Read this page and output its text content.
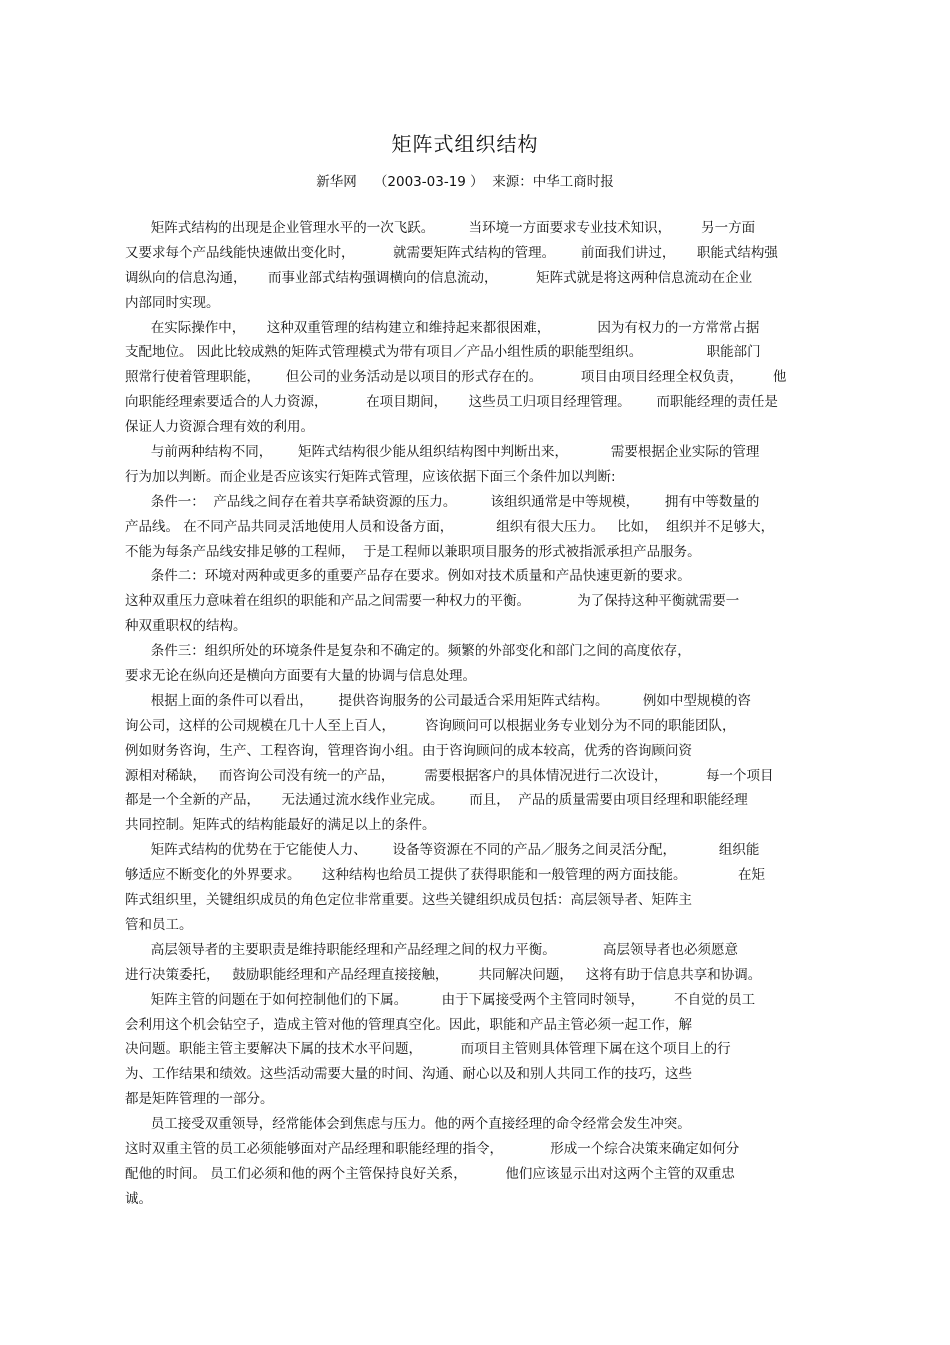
矩阵式组织结构
新华网    （2003-03-19 ）  来源：中华工商时报
矩阵式结构的出现是企业管理水平的一次飞跃。        当环境一方面要求专业技术知识，       另一方面
又要求每个产品线能快速做出变化时，         就需要矩阵式结构的管理。      前面我们讲过，     职能式结构强
调纵向的信息沟通，     而事业部式结构强调横向的信息流动，         矩阵式就是将这两种信息流动在企业
内部同时实现。
在实际操作中，     这种双重管理的结构建立和维持起来都很困难，           因为有权力的一方常常占据
支配地位。 因此比较成熟的矩阵式管理模式为带有项目／产品小组性质的职能型组织。               职能部门
照常行使着管理职能，      但公司的业务活动是以项目的形式存在的。         项目由项目经理全权负责，       他
向职能经理索要适合的人力资源，         在项目期间，     这些员工归项目经理管理。      而职能经理的责任是
保证人力资源合理有效的利用。
与前两种结构不同，      矩阵式结构很少能从组织结构图中判断出来，          需要根据企业实际的管理
行为加以判断。而企业是否应该实行矩阵式管理，应该依据下面三个条件加以判断:
条件一：  产品线之间存在着共享希缺资源的压力。        该组织通常是中等规模，      拥有中等数量的
产品线。 在不同产品共同灵活地使用人员和设备方面，          组织有很大压力。   比如，  组织并不足够大，
不能为每条产品线安排足够的工程师，  于是工程师以兼职项目服务的形式被指派承担产品服务。
条件二：环境对两种或更多的重要产品存在要求。例如对技术质量和产品快速更新的要求。
这种双重压力意味着在组织的职能和产品之间需要一种权力的平衡。           为了保持这种平衡就需要一
种双重职权的结构。
条件三：组织所处的环境条件是复杂和不确定的。频繁的外部变化和部门之间的高度依存，
要求无论在纵向还是横向方面要有大量的协调与信息处理。
根据上面的条件可以看出，      提供咨询服务的公司最适合采用矩阵式结构。        例如中型规模的咨
询公司，这样的公司规模在几十人至上百人，       咨询顾问可以根据业务专业划分为不同的职能团队，
例如财务咨询，生产、工程咨询，管理咨询小组。由于咨询顾问的成本较高，优秀的咨询顾问资
源相对稀缺，   而咨询公司没有统一的产品，       需要根据客户的具体情况进行二次设计，         每一个项目
都是一个全新的产品，     无法通过流水线作业完成。      而且，  产品的质量需要由项目经理和职能经理
共同控制。矩阵式的结构能最好的满足以上的条件。
矩阵式结构的优势在于它能使人力、      设备等资源在不同的产品／服务之间灵活分配，          组织能
够适应不断变化的外界要求。     这种结构也给员工提供了获得职能和一般管理的两方面技能。            在矩
阵式组织里，关键组织成员的角色定位非常重要。这些关键组织成员包括：高层领导者、矩阵主
管和员工。
高层领导者的主要职责是维持职能经理和产品经理之间的权力平衡。           高层领导者也必须愿意
进行决策委托，   鼓励职能经理和产品经理直接接触，       共同解决问题，   这将有助于信息共享和协调。
矩阵主管的问题在于如何控制他们的下属。        由于下属接受两个主管同时领导，       不自觉的员工
会利用这个机会钻空子，造成主管对他的管理真空化。因此，职能和产品主管必须一起工作，解
决问题。职能主管主要解决下属的技术水平问题，         而项目主管则具体管理下属在这个项目上的行
为、工作结果和绩效。这些活动需要大量的时间、沟通、耐心以及和别人共同工作的技巧，这些
都是矩阵管理的一部分。
员工接受双重领导，经常能体会到焦虑与压力。他的两个直接经理的命令经常会发生冲突。
这时双重主管的员工必须能够面对产品经理和职能经理的指令，           形成一个综合决策来确定如何分
配他的时间。 员工们必须和他的两个主管保持良好关系，         他们应该显示出对这两个主管的双重忠
诚。
